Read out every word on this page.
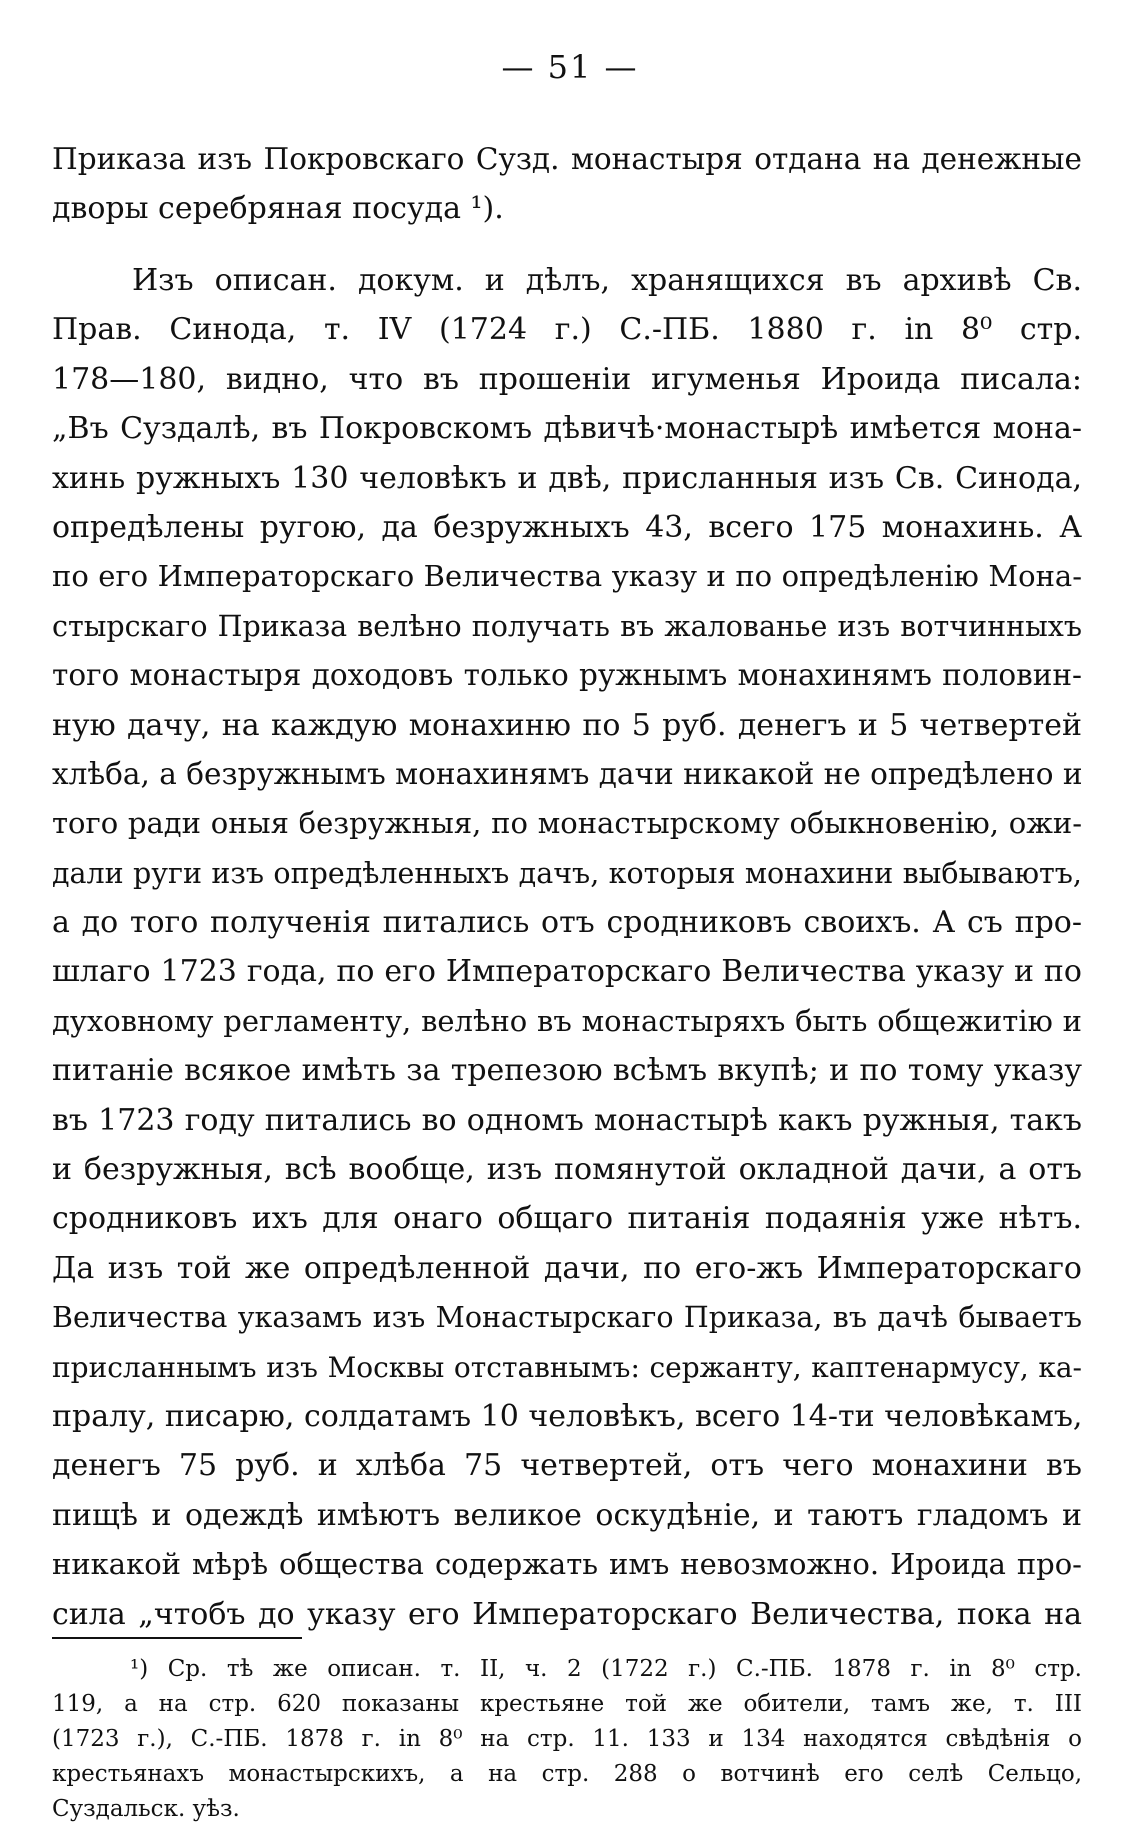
— 51 —
Приказа изъ Покровскаго Сузд. монастыря отдана на денежные
дворы серебряная посуда ¹).
Изъ описан. докум. и дѣлъ, хранящихся въ архивѣ Св.
Прав. Синода, т. IV (1724 г.) С.-ПБ. 1880 г. in 8⁰ стр.
178—180, видно, что въ прошенiи игуменья Ироида писала:
„Въ Суздалѣ, въ Покровскомъ дѣвичѣ·монастырѣ имѣется мона-
хинь ружныхъ 130 человѣкъ и двѣ, присланныя изъ Св. Синода,
опредѣлены ругою, да безружныхъ 43, всего 175 монахинь. А
по его Императорскаго Величества указу и по опредѣленiю Мона-
стырскаго Приказа велѣно получать въ жалованье изъ вотчинныхъ
того монастыря доходовъ только ружнымъ монахинямъ половин-
ную дачу, на каждую монахиню по 5 руб. денегъ и 5 четвертей
хлѣба, а безружнымъ монахинямъ дачи никакой не опредѣлено и
того ради оныя безружныя, по монастырскому обыкновенiю, ожи-
дали руги изъ опредѣленныхъ дачъ, которыя монахини выбываютъ,
а до того полученiя питались отъ сродниковъ своихъ. А съ про-
шлаго 1723 года, по его Императорскаго Величества указу и по
духовному регламенту, велѣно въ монастыряхъ быть общежитiю и
питанiе всякое имѣть за трепезою всѣмъ вкупѣ; и по тому указу
въ 1723 году питались во одномъ монастырѣ какъ ружныя, такъ
и безружныя, всѣ вообще, изъ помянутой окладной дачи, а отъ
сродниковъ ихъ для онаго общаго питанiя подаянiя уже нѣтъ.
Да изъ той же опредѣленной дачи, по его-жъ Императорскаго
Величества указамъ изъ Монастырскаго Приказа, въ дачѣ бываетъ
присланнымъ изъ Москвы отставнымъ: сержанту, каптенармусу, ка-
пралу, писарю, солдатамъ 10 человѣкъ, всего 14-ти человѣкамъ,
денегъ 75 руб. и хлѣба 75 четвертей, отъ чего монахини въ
пищѣ и одеждѣ имѣютъ великое оскудѣнiе, и таютъ гладомъ и
никакой мѣрѣ общества содержать имъ невозможно. Ироида про-
сила „чтобъ до указу его Императорскаго Величества, пока на
¹) Ср. тѣ же описан. т. II, ч. 2 (1722 г.) С.-ПБ. 1878 г. in 8⁰ стр.
119, а на стр. 620 показаны крестьяне той же обители, тамъ же, т. III
(1723 г.), С.-ПБ. 1878 г. in 8⁰ на стр. 11. 133 и 134 находятся свѣдѣнiя о
крестьянахъ монастырскихъ, а на стр. 288 о вотчинѣ его селѣ Сельцо,
Суздальск. уѣз.
